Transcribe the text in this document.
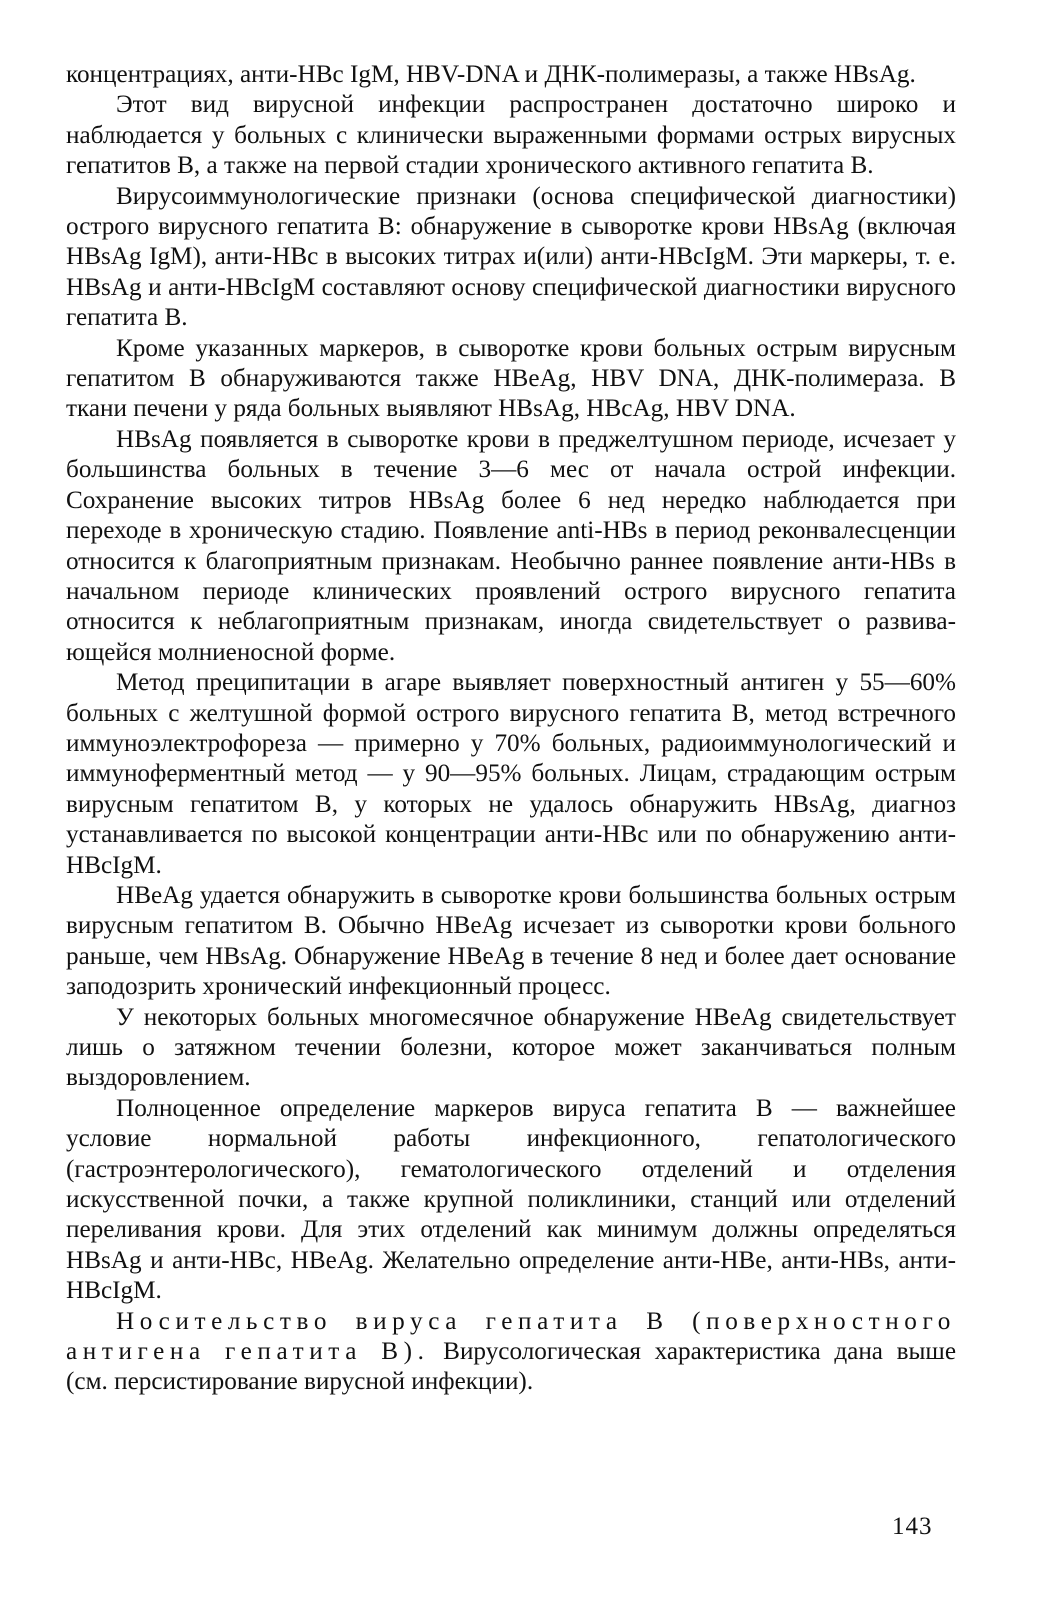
концентрациях, анти-HBc IgM, HBV-DNA и ДНК-полимеразы, а также HBsAg.

Этот вид вирусной инфекции распространен достаточно широко и наблюдается у больных с клинически выраженными формами острых вирусных гепатитов В, а также на первой стадии хронического активного гепатита В.

Вирусоиммунологические признаки (основа специфической диагностики) острого вирусного гепатита В: обнаружение в сыворотке крови HBsAg (включая HBsAg IgM), анти-HBc в высоких титрах и(или) анти-HBcIgM. Эти маркеры, т. е. HBsAg и анти-HBcIgM составляют основу специфической диагностики вирусного гепатита В.

Кроме указанных маркеров, в сыворотке крови больных острым вирусным гепатитом В обнаруживаются также HBeAg, HBV DNA, ДНК-полимераза. В ткани печени у ряда больных выявляют HBsAg, HBcAg, HBV DNA.

HBsAg появляется в сыворотке крови в преджелтушном периоде, исчезает у большинства больных в течение 3—6 мес от начала острой инфекции. Сохранение высоких титров HBsAg более 6 нед нередко наблюдается при переходе в хроническую стадию. Появление anti-HBs в период реконвалесценции относится к благоприятным признакам. Необычно раннее появление анти-HBs в начальном периоде клинических проявлений острого вирусного гепатита относится к неблагоприятным признакам, иногда свидетельствует о развивающейся молниеносной форме.

Метод преципитации в агаре выявляет поверхностный антиген у 55—60% больных с желтушной формой острого вирусного гепатита В, метод встречного иммуноэлектрофореза — примерно у 70% больных, радиоиммунологический и иммуноферментный метод — у 90—95% больных. Лицам, страдающим острым вирусным гепатитом В, у которых не удалось обнаружить HBsAg, диагноз устанавливается по высокой концентрации анти-HBc или по обнаружению анти-HBcIgM.

HBeAg удается обнаружить в сыворотке крови большинства больных острым вирусным гепатитом В. Обычно HBeAg исчезает из сыворотки крови больного раньше, чем HBsAg. Обнаружение HBeAg в течение 8 нед и более дает основание заподозрить хронический инфекционный процесс.

У некоторых больных многомесячное обнаружение HBeAg свидетельствует лишь о затяжном течении болезни, которое может заканчиваться полным выздоровлением.

Полноценное определение маркеров вируса гепатита В — важнейшее условие нормальной работы инфекционного, гепатологического (гастроэнтерологического), гематологического отделений и отделения искусственной почки, а также крупной поликлиники, станций или отделений переливания крови. Для этих отделений как минимум должны определяться HBsAg и анти-HBc, HBeAg. Желательно определение анти-HBe, анти-HBs, анти-HBcIgM.

Носительство вируса гепатита В (поверхностного антигена гепатита В). Вирусологическая характеристика дана выше (см. персистирование вирусной инфекции).

143
